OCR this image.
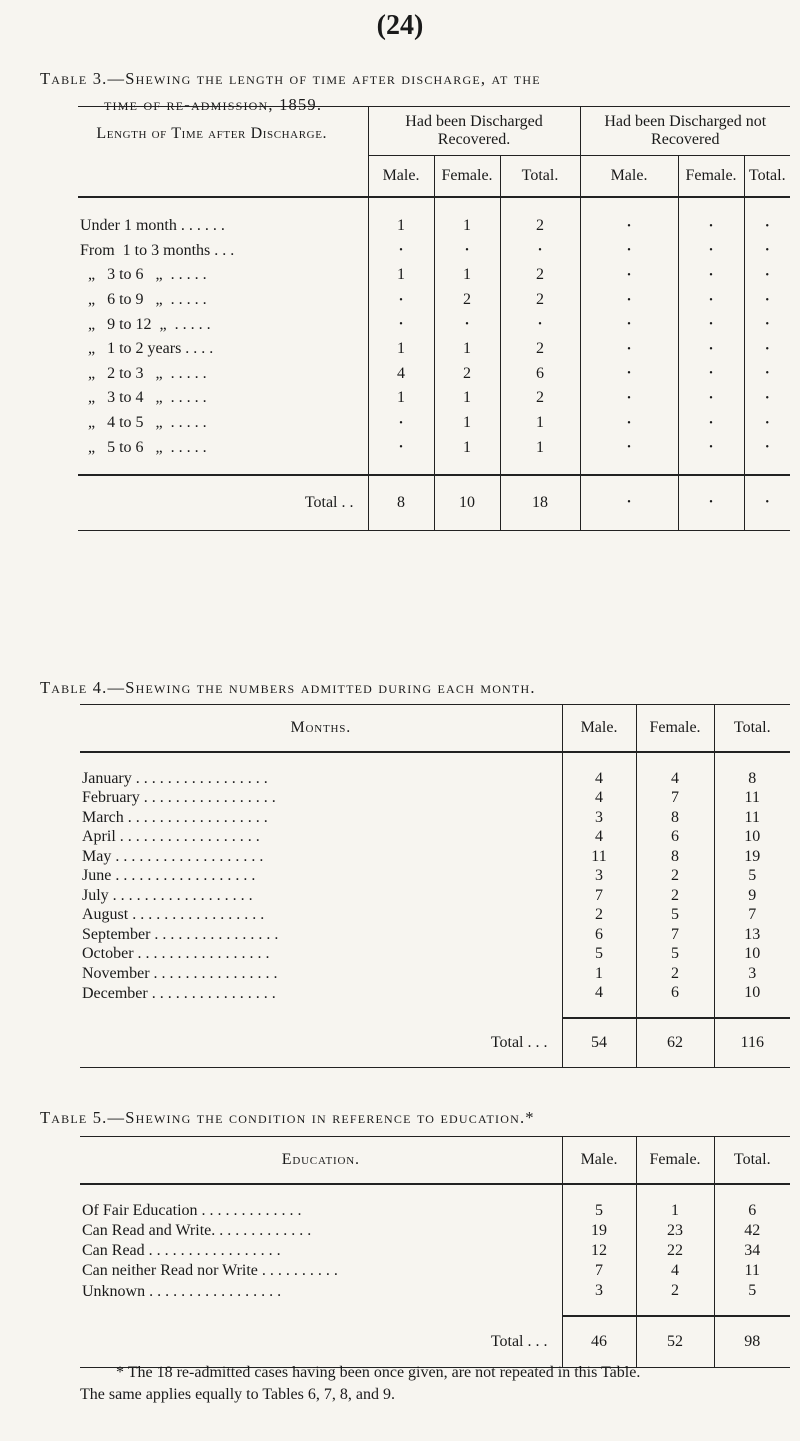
(24)
Table 3.—Shewing the length of time after discharge, at the
time of re-admission, 1859.
Length of Time after Discharge.	Had been Discharged Recovered.			Had been Discharged not Recovered		
	Male.	Female.	Total.	Male.	Female.	Total.
Under 1 month . . . . . .	1	1	2	•	•	•
From  1 to 3 months . . .	•	•	•	•	•	•
„   3 to 6   „  . . . . .	1	1	2	•	•	•
„   6 to 9   „  . . . . .	•	2	2	•	•	•
„   9 to 12  „  . . . . .	•	•	•	•	•	•
„   1 to 2 years . . . .	1	1	2	•	•	•
„   2 to 3   „  . . . . .	4	2	6	•	•	•
„   3 to 4   „  . . . . .	1	1	2	•	•	•
„   4 to 5   „  . . . . .	•	1	1	•	•	•
„   5 to 6   „  . . . . .	•	1	1	•	•	•
Total . .	8	10	18	•	•	•
Table 4.—Shewing the numbers admitted during each month.
Months.	Male.	Female.	Total.
January . . . . . . . . . . . . . . . . .	4	4	8
February . . . . . . . . . . . . . . . . .	4	7	11
March . . . . . . . . . . . . . . . . . .	3	8	11
April . . . . . . . . . . . . . . . . . .	4	6	10
May . . . . . . . . . . . . . . . . . . .	11	8	19
June . . . . . . . . . . . . . . . . . .	3	2	5
July . . . . . . . . . . . . . . . . . .	7	2	9
August . . . . . . . . . . . . . . . . .	2	5	7
September . . . . . . . . . . . . . . . .	6	7	13
October . . . . . . . . . . . . . . . . .	5	5	10
November . . . . . . . . . . . . . . . .	1	2	3
December . . . . . . . . . . . . . . . .	4	6	10
Total . . .	54	62	116
Table 5.—Shewing the condition in reference to education.*
Education.	Male.	Female.	Total.
Of Fair Education . . . . . . . . . . . . .	5	1	6
Can Read and Write. . . . . . . . . . . . .	19	23	42
Can Read . . . . . . . . . . . . . . . . .	12	22	34
Can neither Read nor Write . . . . . . . . . .	7	4	11
Unknown . . . . . . . . . . . . . . . . .	3	2	5
Total . . .	46	52	98
* The 18 re-admitted cases having been once given, are not repeated in this Table.
The same applies equally to Tables 6, 7, 8, and 9.
